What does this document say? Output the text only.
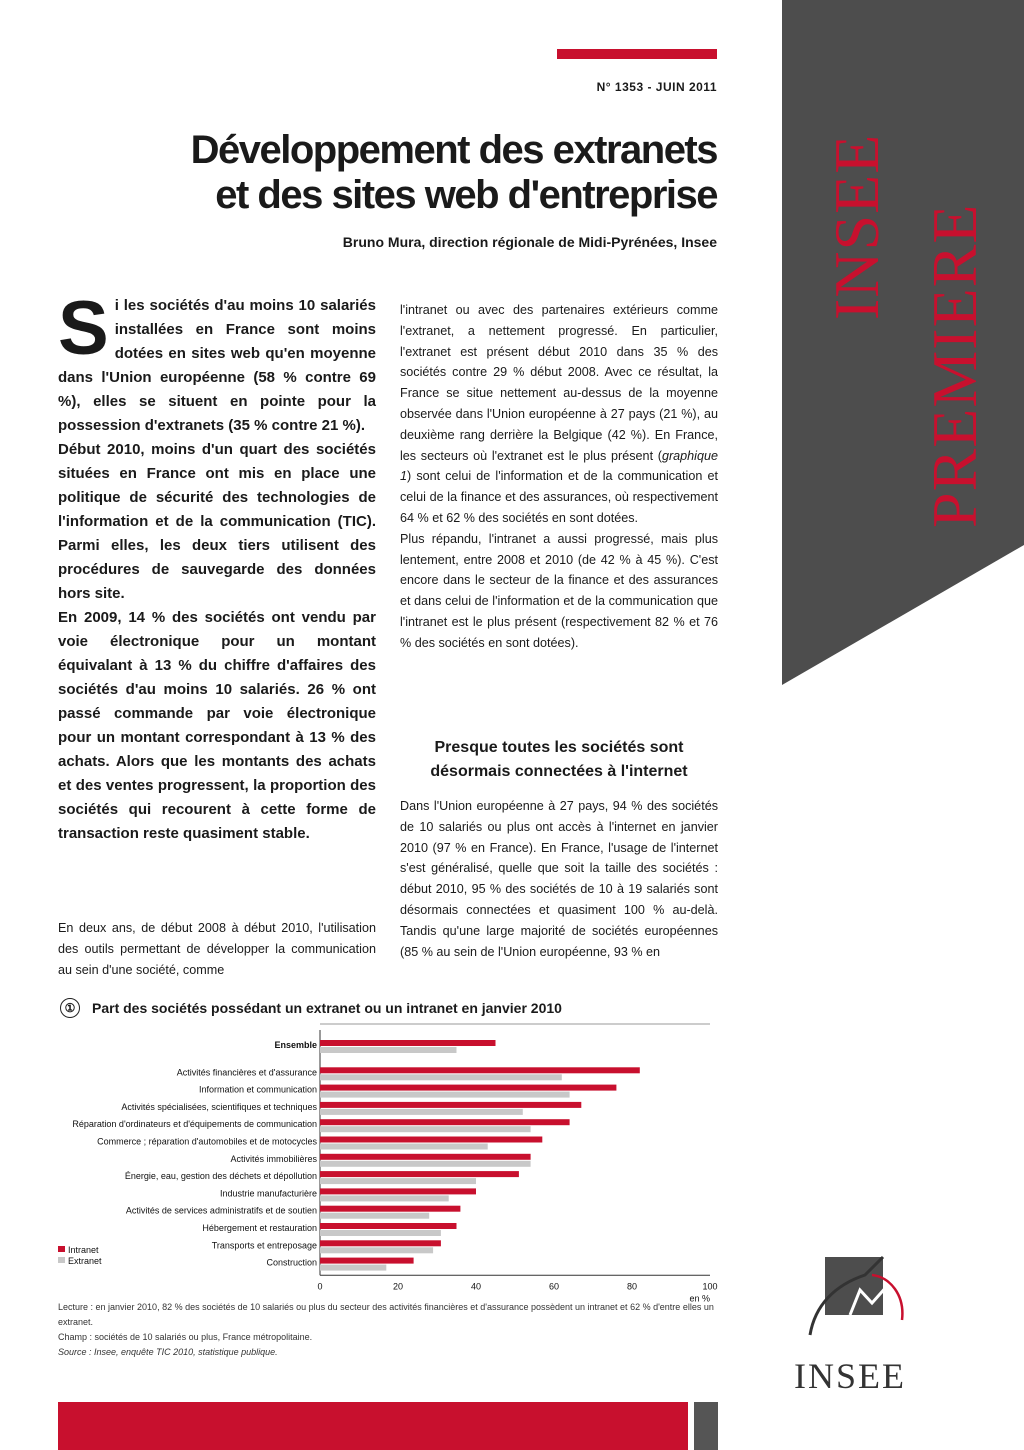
INSEE PREMIERE
N° 1353 - JUIN 2011
Développement des extranets
et des sites web d'entreprise
Bruno Mura, direction régionale de Midi-Pyrénées, Insee
S i les sociétés d'au moins 10 salariés installées en France sont moins dotées en sites web qu'en moyenne dans l'Union européenne (58 % contre 69 %), elles se situent en pointe pour la possession d'extranets (35 % contre 21 %).

Début 2010, moins d'un quart des sociétés situées en France ont mis en place une politique de sécurité des technologies de l'information et de la communication (TIC). Parmi elles, les deux tiers utilisent des procédures de sauvegarde des données hors site.

En 2009, 14 % des sociétés ont vendu par voie électronique pour un montant équivalant à 13 % du chiffre d'affaires des sociétés d'au moins 10 salariés. 26 % ont passé commande par voie électronique pour un montant correspondant à 13 % des achats. Alors que les montants des achats et des ventes progressent, la proportion des sociétés qui recourent à cette forme de transaction reste quasiment stable.

En deux ans, de début 2008 à début 2010, l'utilisation des outils permettant de développer la communication au sein d'une société, comme

l'intranet ou avec des partenaires extérieurs comme l'extranet, a nettement progressé. En particulier, l'extranet est présent début 2010 dans 35 % des sociétés contre 29 % début 2008. Avec ce résultat, la France se situe nettement au-dessus de la moyenne observée dans l'Union européenne à 27 pays (21 %), au deuxième rang derrière la Belgique (42 %). En France, les secteurs où l'extranet est le plus présent (graphique 1) sont celui de l'information et de la communication et celui de la finance et des assurances, où respectivement 64 % et 62 % des sociétés en sont dotées.

Plus répandu, l'intranet a aussi progressé, mais plus lentement, entre 2008 et 2010 (de 42 % à 45 %). C'est encore dans le secteur de la finance et des assurances et dans celui de l'information et de la communication que l'intranet est le plus présent (respectivement 82 % et 76 % des sociétés en sont dotées).

Presque toutes les sociétés sont désormais connectées à l'internet

Dans l'Union européenne à 27 pays, 94 % des sociétés de 10 salariés ou plus ont accès à l'internet en janvier 2010 (97 % en France). En France, l'usage de l'internet s'est généralisé, quelle que soit la taille des sociétés : début 2010, 95 % des sociétés de 10 à 19 salariés sont désormais connectées et quasiment 100 % au-delà. Tandis qu'une large majorité de sociétés européennes (85 % au sein de l'Union européenne, 93 % en

①	Part des sociétés possédant un extranet ou un intranet en janvier 2010
Ensemble
Activités financières et d'assurance
Information et communication
Activités spécialisées, scientifiques et techniques
Réparation d'ordinateurs et d'équipements de communication
Commerce ; réparation d'automobiles et de motocycles
Activités immobilières
Énergie, eau, gestion des déchets et dépollution
Industrie manufacturière
Activités de services administratifs et de soutien
Hébergement et restauration
Transports et entreposage
Construction
0	20	40	60	80	100
en %
Intranet
Extranet
Lecture : en janvier 2010, 82 % des sociétés de 10 salariés ou plus du secteur des activités financières et d'assurance possèdent un intranet et 62 % d'entre elles un extranet.
Champ : sociétés de 10 salariés ou plus, France métropolitaine.
Source : Insee, enquête TIC 2010, statistique publique.
INSEE
